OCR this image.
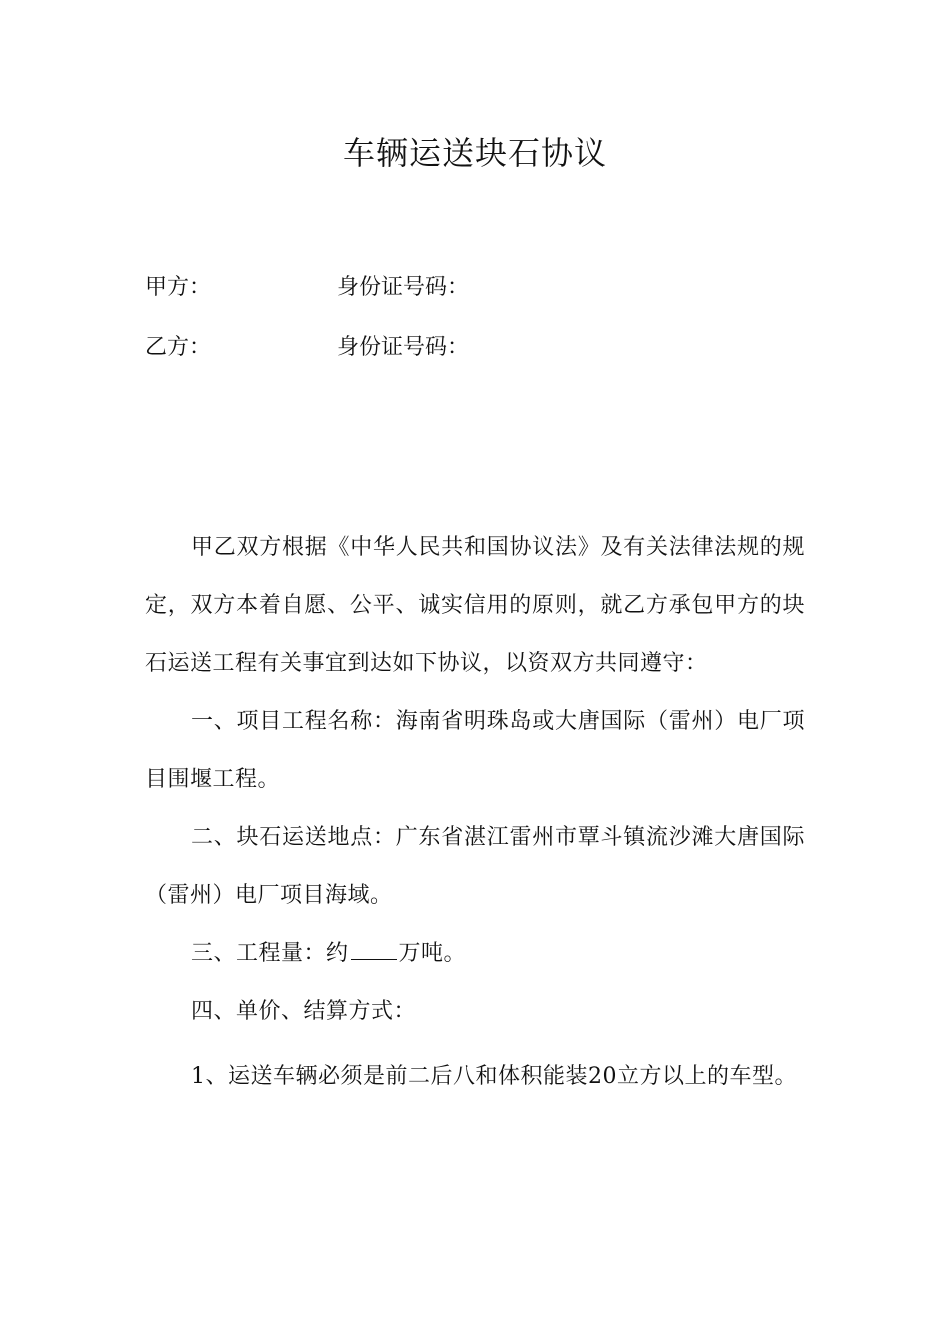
车辆运送块石协议
甲方：	身份证号码：
乙方：	身份证号码：

甲乙双方根据《中华人民共和国协议法》及有关法律法规的规定，双方本着自愿、公平、诚实信用的原则，就乙方承包甲方的块石运送工程有关事宜到达如下协议，以资双方共同遵守：

一、项目工程名称：海南省明珠岛或大唐国际（雷州）电厂项目围堰工程。

二、块石运送地点：广东省湛江雷州市覃斗镇流沙滩大唐国际（雷州）电厂项目海域。

三、工程量：约 万吨。

四、单价、结算方式：

1、运送车辆必须是前二后八和体积能装20立方以上的车型。
